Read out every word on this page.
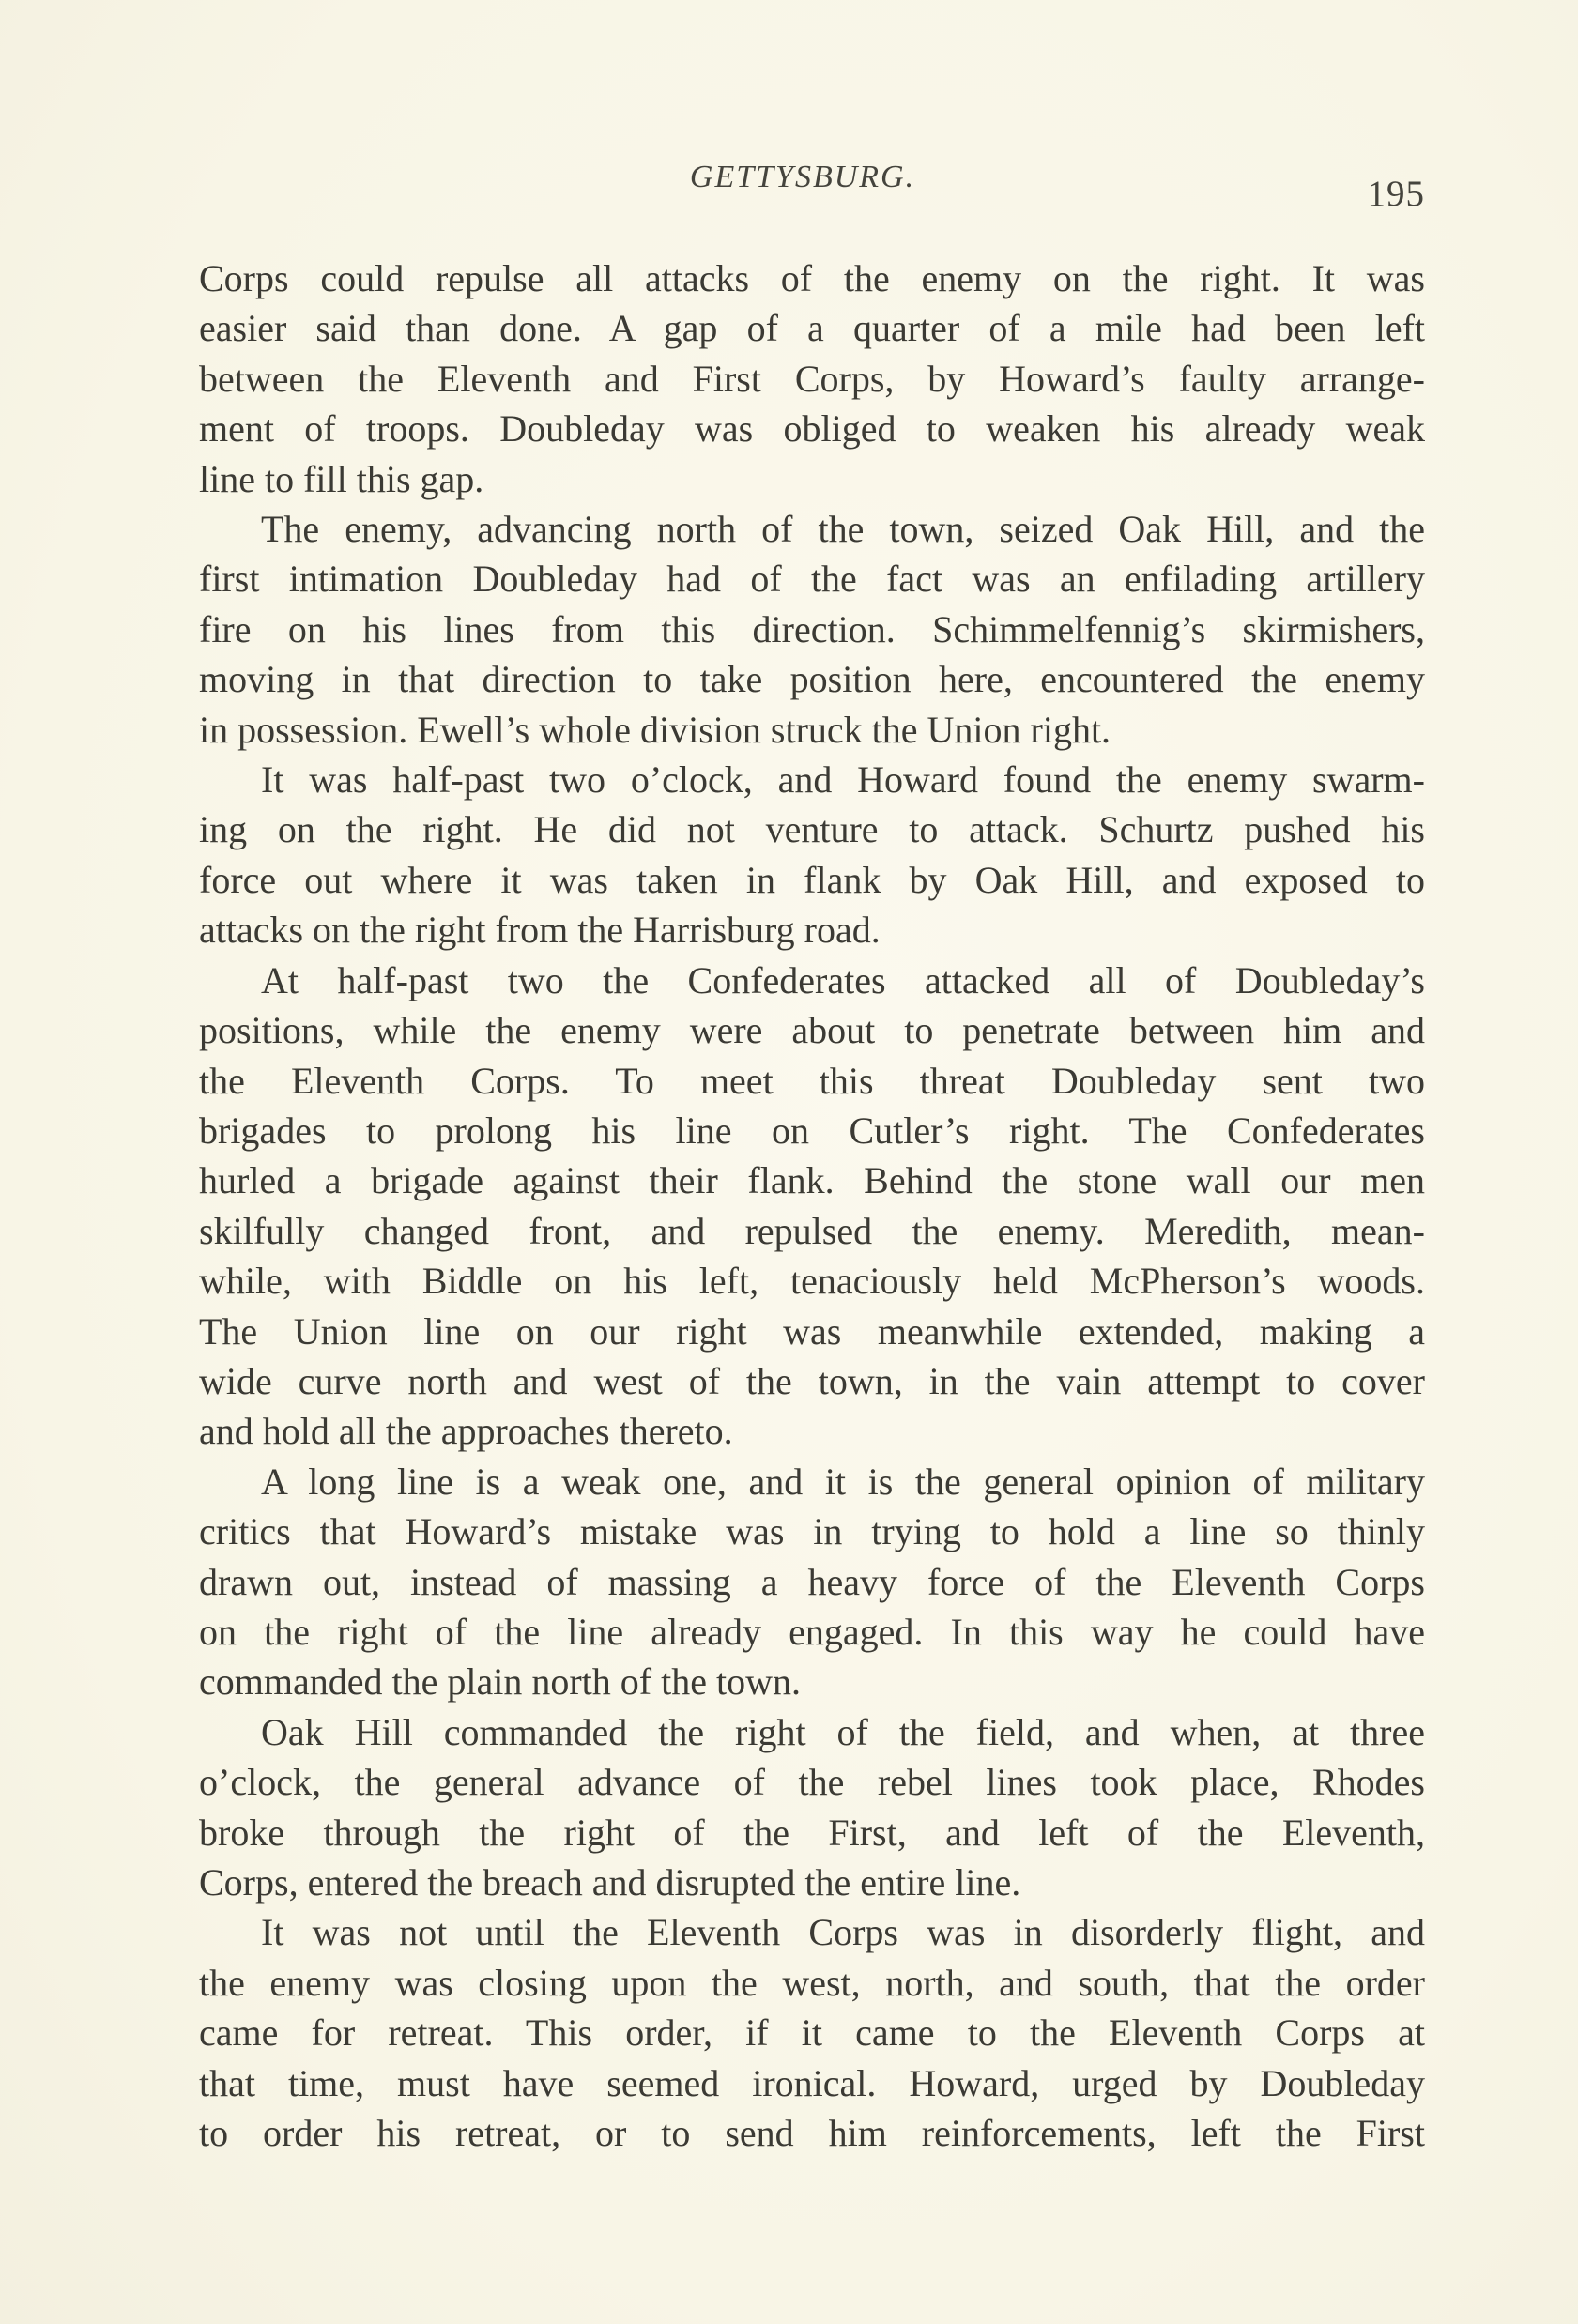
GETTYSBURG.	195
Corps could repulse all attacks of the enemy on the right. It was
easier said than done. A gap of a quarter of a mile had been left
between the Eleventh and First Corps, by Howard’s faulty arrange-
ment of troops. Doubleday was obliged to weaken his already weak
line to fill this gap.
The enemy, advancing north of the town, seized Oak Hill, and the
first intimation Doubleday had of the fact was an enfilading artillery
fire on his lines from this direction. Schimmelfennig’s skirmishers,
moving in that direction to take position here, encountered the enemy
in possession. Ewell’s whole division struck the Union right.
It was half-past two o’clock, and Howard found the enemy swarm-
ing on the right. He did not venture to attack. Schurtz pushed his
force out where it was taken in flank by Oak Hill, and exposed to
attacks on the right from the Harrisburg road.
At half-past two the Confederates attacked all of Doubleday’s
positions, while the enemy were about to penetrate between him and
the Eleventh Corps. To meet this threat Doubleday sent two
brigades to prolong his line on Cutler’s right. The Confederates
hurled a brigade against their flank. Behind the stone wall our men
skilfully changed front, and repulsed the enemy. Meredith, mean-
while, with Biddle on his left, tenaciously held McPherson’s woods.
The Union line on our right was meanwhile extended, making a
wide curve north and west of the town, in the vain attempt to cover
and hold all the approaches thereto.
A long line is a weak one, and it is the general opinion of military
critics that Howard’s mistake was in trying to hold a line so thinly
drawn out, instead of massing a heavy force of the Eleventh Corps
on the right of the line already engaged. In this way he could have
commanded the plain north of the town.
Oak Hill commanded the right of the field, and when, at three
o’clock, the general advance of the rebel lines took place, Rhodes
broke through the right of the First, and left of the Eleventh,
Corps, entered the breach and disrupted the entire line.
It was not until the Eleventh Corps was in disorderly flight, and
the enemy was closing upon the west, north, and south, that the order
came for retreat. This order, if it came to the Eleventh Corps at
that time, must have seemed ironical. Howard, urged by Doubleday
to order his retreat, or to send him reinforcements, left the First
